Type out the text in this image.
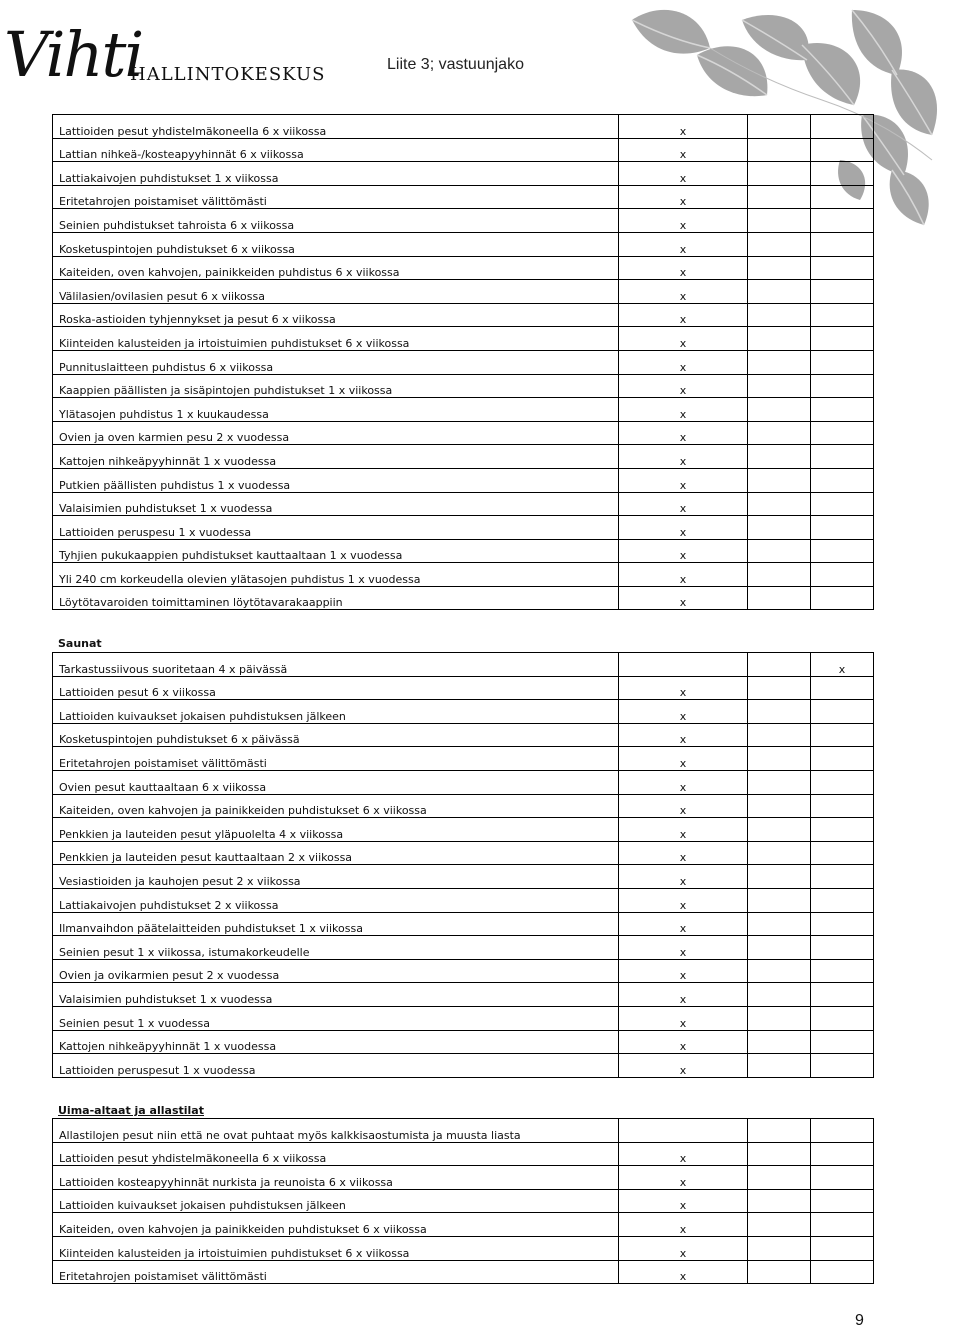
Vihti
HALLINTOKESKUS	Liite 3; vastuunjako
Lattioiden pesut yhdistelmäkoneella 6 x viikossa	x		
Lattian nihkeä-/kosteapyyhinnät 6 x viikossa	x		
Lattiakaivojen puhdistukset 1 x viikossa	x		
Eritetahrojen poistamiset välittömästi	x		
Seinien puhdistukset tahroista 6 x viikossa	x		
Kosketuspintojen puhdistukset 6 x viikossa	x		
Kaiteiden, oven kahvojen, painikkeiden puhdistus 6 x viikossa	x		
Välilasien/ovilasien pesut 6 x viikossa	x		
Roska-astioiden tyhjennykset ja pesut 6 x viikossa	x		
Kiinteiden kalusteiden ja irtoistuimien puhdistukset 6 x viikossa	x		
Punnituslaitteen puhdistus 6 x viikossa	x		
Kaappien päällisten ja sisäpintojen puhdistukset 1 x viikossa	x		
Ylätasojen puhdistus 1 x kuukaudessa	x		
Ovien ja oven karmien pesu 2 x vuodessa	x		
Kattojen nihkeäpyyhinnät 1 x vuodessa	x		
Putkien päällisten puhdistus 1 x vuodessa	x		
Valaisimien puhdistukset 1 x vuodessa	x		
Lattioiden peruspesu 1 x vuodessa	x		
Tyhjien pukukaappien puhdistukset kauttaaltaan 1 x vuodessa	x		
Yli 240 cm korkeudella olevien ylätasojen puhdistus 1 x vuodessa	x		
Löytötavaroiden toimittaminen löytötavarakaappiin	x		
Saunat
Tarkastussiivous suoritetaan 4 x päivässä			x
Lattioiden pesut 6 x viikossa	x		
Lattioiden kuivaukset jokaisen puhdistuksen jälkeen	x		
Kosketuspintojen puhdistukset 6 x päivässä	x		
Eritetahrojen poistamiset välittömästi	x		
Ovien pesut kauttaaltaan 6 x viikossa	x		
Kaiteiden, oven kahvojen ja painikkeiden puhdistukset 6 x viikossa	x		
Penkkien ja lauteiden pesut yläpuolelta 4 x viikossa	x		
Penkkien ja lauteiden pesut kauttaaltaan 2 x viikossa	x		
Vesiastioiden ja kauhojen pesut 2 x viikossa	x		
Lattiakaivojen puhdistukset 2 x viikossa	x		
Ilmanvaihdon päätelaitteiden puhdistukset 1 x viikossa	x		
Seinien pesut 1 x viikossa, istumakorkeudelle	x		
Ovien ja ovikarmien pesut 2 x vuodessa	x		
Valaisimien puhdistukset 1 x vuodessa	x		
Seinien pesut 1 x vuodessa	x		
Kattojen nihkeäpyyhinnät 1 x vuodessa	x		
Lattioiden peruspesut 1 x vuodessa	x		
Uima-altaat ja allastilat
Allastilojen pesut niin että ne ovat puhtaat myös kalkkisaostumista ja muusta liasta			
Lattioiden pesut yhdistelmäkoneella 6 x viikossa	x		
Lattioiden kosteapyyhinnät nurkista ja reunoista 6 x viikossa	x		
Lattioiden kuivaukset jokaisen puhdistuksen jälkeen	x		
Kaiteiden, oven kahvojen ja painikkeiden puhdistukset 6 x viikossa	x		
Kiinteiden kalusteiden ja irtoistuimien puhdistukset 6 x viikossa	x		
Eritetahrojen poistamiset välittömästi	x		
9
